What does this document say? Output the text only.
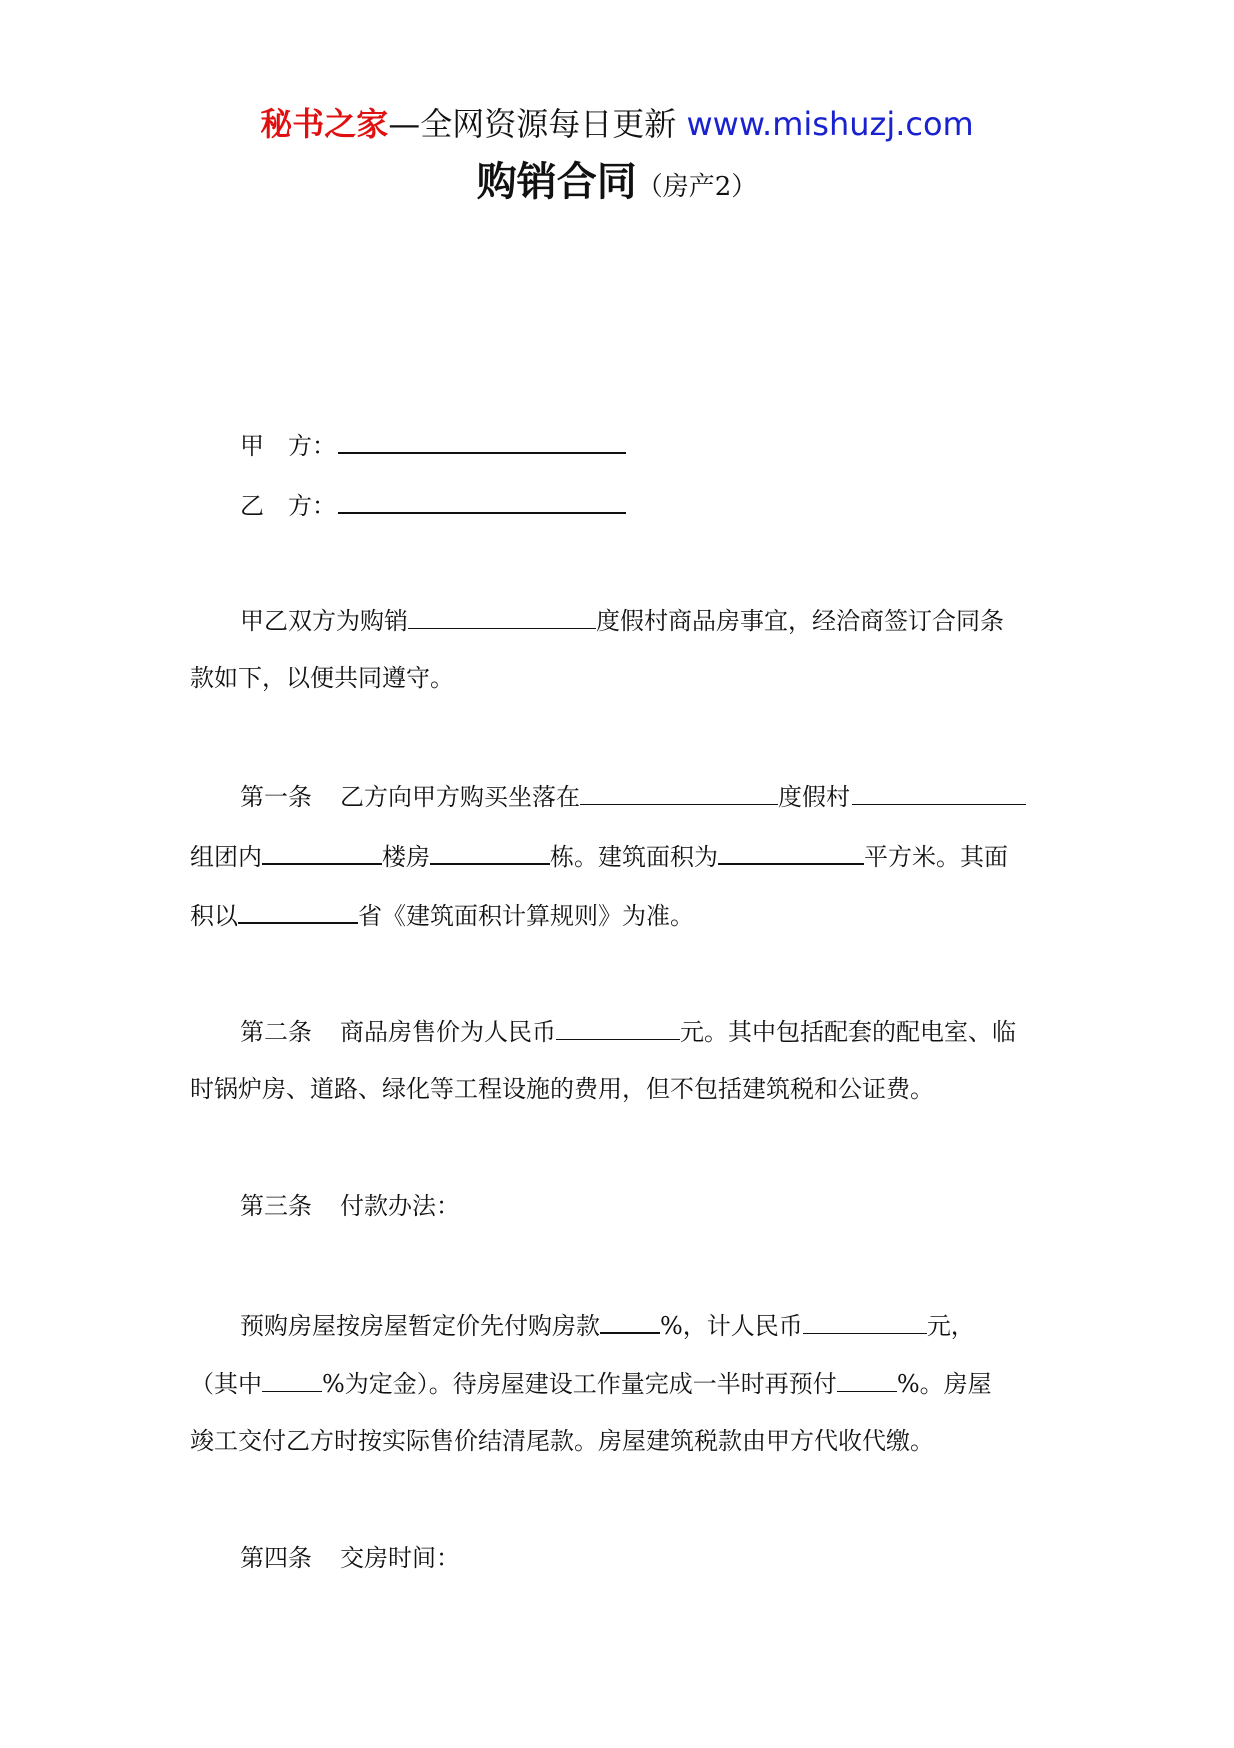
秘书之家—全网资源每日更新 www.mishuzj.com
购销合同（房产2）
甲 方：
乙 方：
甲乙双方为购销	度假村商品房事宜，经洽商签订合同条
款如下，以便共同遵守。
第一条 乙方向甲方购买坐落在	度假村
组团内	楼房	栋。建筑面积为	平方米。其面
积以	省《建筑面积计算规则》为准。
第二条 商品房售价为人民币	元。其中包括配套的配电室、临
时锅炉房、道路、绿化等工程设施的费用，但不包括建筑税和公证费。
第三条 付款办法：
预购房屋按房屋暂定价先付购房款	%，计人民币	元，
（其中	%为定金）。待房屋建设工作量完成一半时再预付	%。房屋
竣工交付乙方时按实际售价结清尾款。房屋建筑税款由甲方代收代缴。
第四条 交房时间：
